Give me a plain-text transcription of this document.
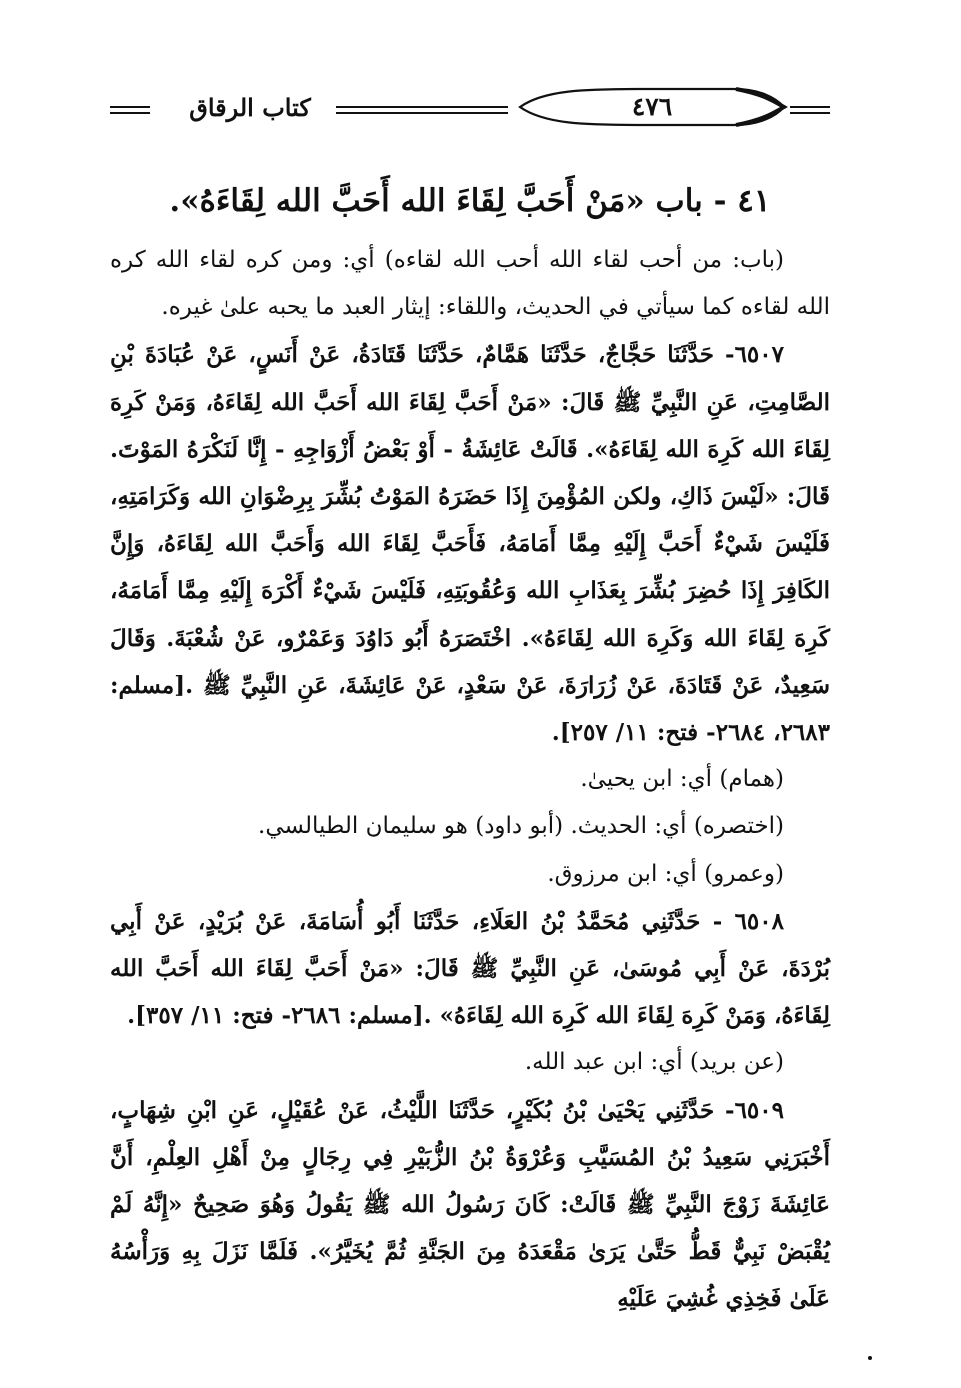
كتاب الرقاق	٤٧٦
٤١ - باب «مَنْ أَحَبَّ لِقَاءَ الله أَحَبَّ الله لِقَاءَهُ».

(باب: من أحب لقاء الله أحب الله لقاءه) أي: ومن كره لقاء الله كره الله لقاءه كما سيأتي في الحديث، واللقاء: إيثار العبد ما يحبه علىٰ غيره.

٦٥٠٧- حَدَّثَنَا حَجَّاجٌ، حَدَّثَنَا هَمَّامٌ، حَدَّثَنَا قَتَادَةُ، عَنْ أَنَسٍ، عَنْ عُبَادَةَ بْنِ الصَّامِتِ، عَنِ النَّبِيِّ ﷺ قَالَ: «مَنْ أَحَبَّ لِقَاءَ الله أَحَبَّ الله لِقَاءَهُ، وَمَنْ كَرِهَ لِقَاءَ الله كَرِهَ الله لِقَاءَهُ». قَالَتْ عَائِشَةُ - أَوْ بَعْضُ أَزْوَاجِهِ - إِنَّا لَنَكْرَهُ المَوْتَ. قَالَ: «لَيْسَ ذَاكِ، ولكن المُؤْمِنَ إِذَا حَضَرَهُ المَوْتُ بُشِّرَ بِرِضْوَانِ الله وَكَرَامَتِهِ، فَلَيْسَ شَيْءٌ أَحَبَّ إِلَيْهِ مِمَّا أَمَامَهُ، فَأَحَبَّ لِقَاءَ الله وَأَحَبَّ الله لِقَاءَهُ، وَإِنَّ الكَافِرَ إِذَا حُضِرَ بُشِّرَ بِعَذَابِ الله وَعُقُوبَتِهِ، فَلَيْسَ شَيْءٌ أَكْرَهَ إِلَيْهِ مِمَّا أَمَامَهُ، كَرِهَ لِقَاءَ الله وَكَرِهَ الله لِقَاءَهُ». اخْتَصَرَهُ أَبُو دَاوُدَ وَعَمْرٌو، عَنْ شُعْبَةَ. وَقَالَ سَعِيدٌ، عَنْ قَتَادَةَ، عَنْ زُرَارَةَ، عَنْ سَعْدٍ، عَنْ عَائِشَةَ، عَنِ النَّبِيِّ ﷺ .[مسلم: ٢٦٨٣، ٢٦٨٤- فتح: ١١/ ٢٥٧].

(همام) أي: ابن يحيىٰ.

(اختصره) أي: الحديث. (أبو داود) هو سليمان الطيالسي.

(وعمرو) أي: ابن مرزوق.

٦٥٠٨ - حَدَّثَنِي مُحَمَّدُ بْنُ العَلَاءِ، حَدَّثَنَا أَبُو أُسَامَةَ، عَنْ بُرَيْدٍ، عَنْ أَبِي بُرْدَةَ، عَنْ أَبِي مُوسَىٰ، عَنِ النَّبِيِّ ﷺ قَالَ: «مَنْ أَحَبَّ لِقَاءَ الله أَحَبَّ الله لِقَاءَهُ، وَمَنْ كَرِهَ لِقَاءَ الله كَرِهَ الله لِقَاءَهُ» .[مسلم: ٢٦٨٦- فتح: ١١/ ٣٥٧].

(عن بريد) أي: ابن عبد الله.

٦٥٠٩- حَدَّثَنِي يَحْيَىٰ بْنُ بُكَيْرٍ، حَدَّثَنَا اللَّيْثُ، عَنْ عُقَيْلٍ، عَنِ ابْنِ شِهَابٍ، أَخْبَرَنِي سَعِيدُ بْنُ المُسَيَّبِ وَعُرْوَةُ بْنُ الزُّبَيْرِ فِي رِجَالٍ مِنْ أَهْلِ العِلْمِ، أَنَّ عَائِشَةَ زَوْجَ النَّبِيِّ ﷺ قَالَتْ: كَانَ رَسُولُ الله ﷺ يَقُولُ وَهُوَ صَحِيحٌ «إِنَّهُ لَمْ يُقْبَضْ نَبِيٌّ قَطُّ حَتَّىٰ يَرَىٰ مَقْعَدَهُ مِنَ الجَنَّةِ ثُمَّ يُخَيَّرُ». فَلَمَّا نَزَلَ بِهِ وَرَأْسُهُ عَلَىٰ فَخِذِي غُشِيَ عَلَيْهِ
